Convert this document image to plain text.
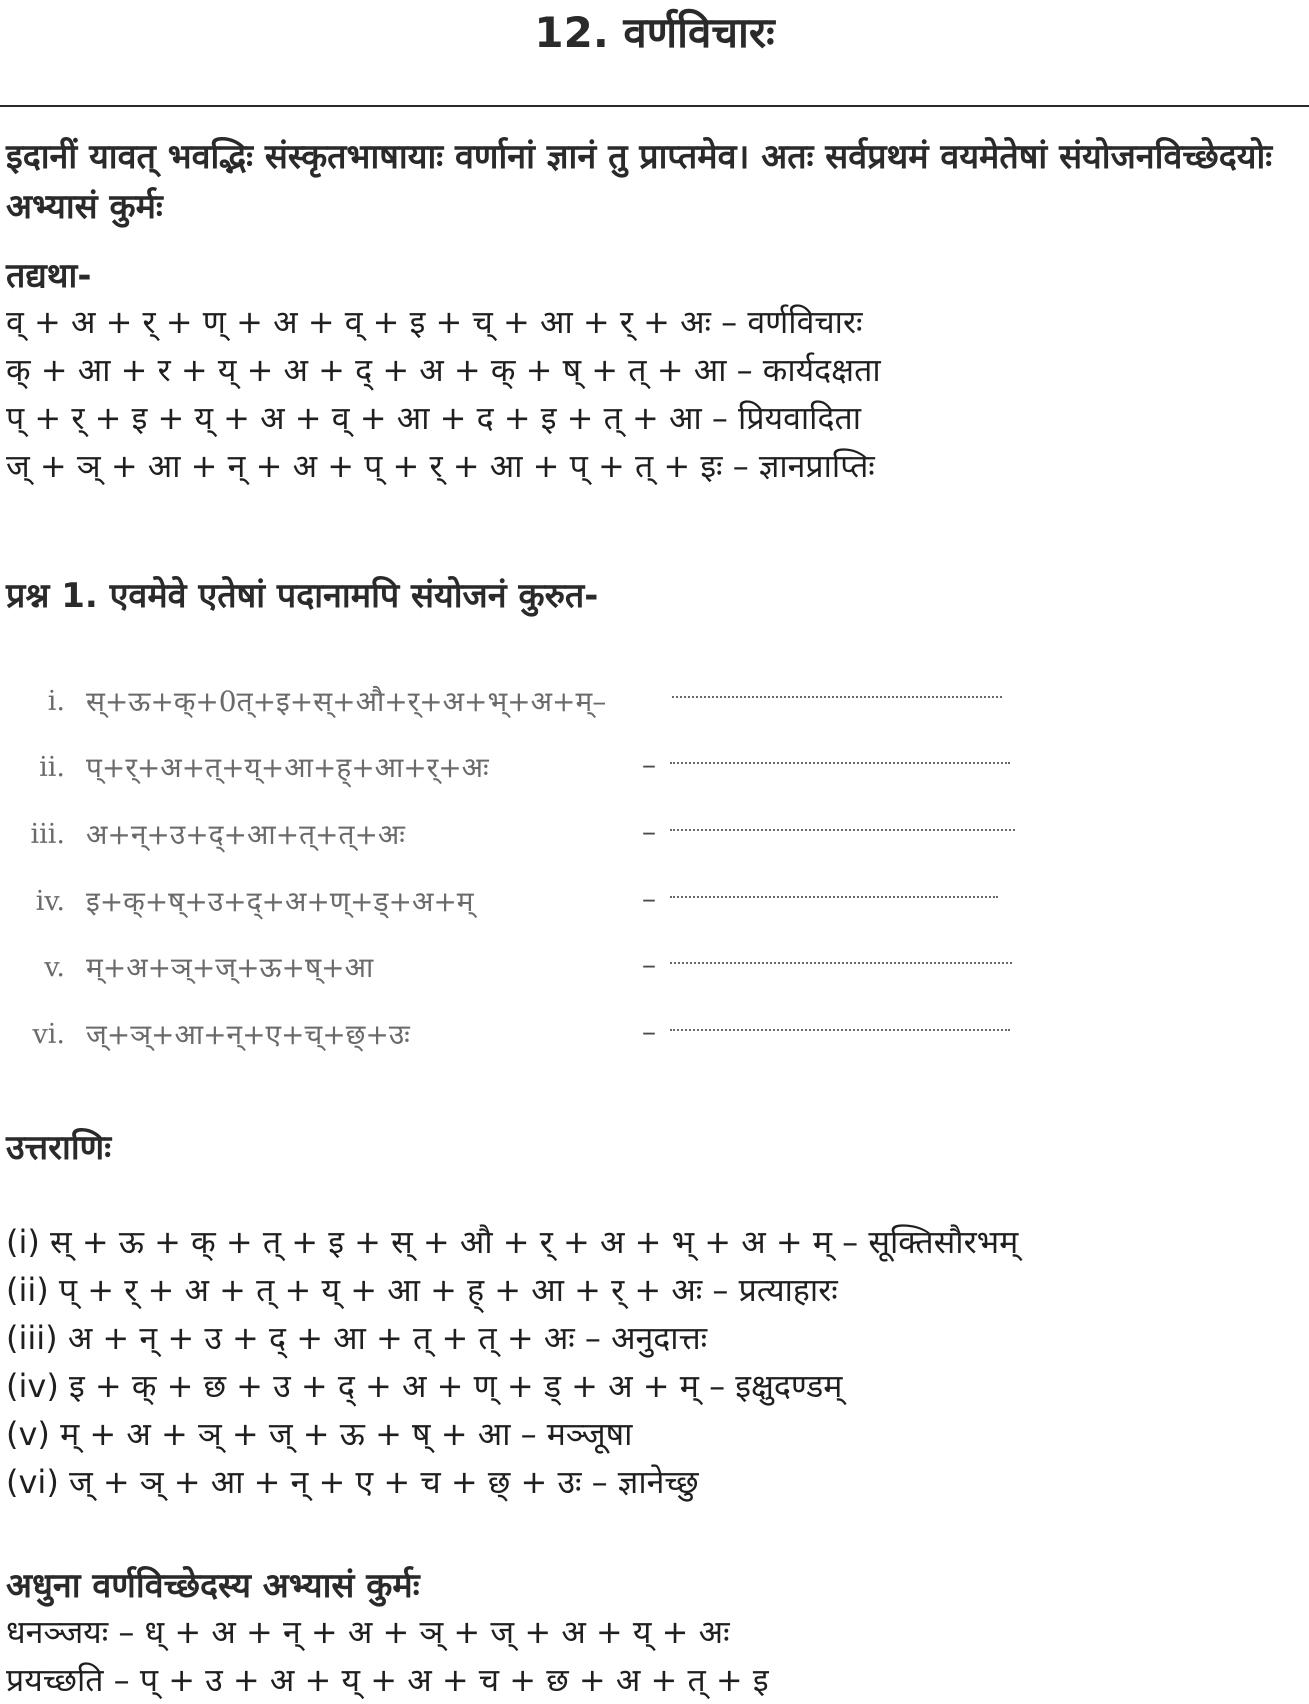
12. वर्णविचारः
इदानीं यावत् भवद्भिः संस्कृतभाषायाः वर्णानां ज्ञानं तु प्राप्तमेव। अतः सर्वप्रथमं वयमेतेषां संयोजनविच्छेदयोः अभ्यासं कुर्मः
तद्यथा-
व् + अ + र् + ण् + अ + व् + इ + च् + आ + र् + अः – वर्णविचारः
क् + आ + र + य् + अ + द् + अ + क् + ष् + त् + आ – कार्यदक्षता
प् + र् + इ + य् + अ + व् + आ + द + इ + त् + आ – प्रियवादिता
ज् + ञ् + आ + न् + अ + प् + र् + आ + प् + त् + इः – ज्ञानप्राप्तिः
प्रश्न 1. एवमेवे एतेषां पदानामपि संयोजनं कुरुत-
i. स्+ऊ+क्+0त्+इ+स्+औ+र्+अ+भ्+अ+म्–
ii. प्+र्+अ+त्+य्+आ+ह्+आ+र्+अः	–
iii. अ+न्+उ+द्+आ+त्+त्+अः	–
iv. इ+क्+ष्+उ+द्+अ+ण्+ड्+अ+म्	–
v. म्+अ+ञ्+ज्+ऊ+ष्+आ	–
vi. ज्+ञ्+आ+न्+ए+च्+छ्+उः	–
उत्तराणिः
(i) स् + ऊ + क् + त् + इ + स् + औ + र् + अ + भ् + अ + म् – सूक्तिसौरभम्
(ii) प् + र् + अ + त् + य् + आ + ह् + आ + र् + अः – प्रत्याहारः
(iii) अ + न् + उ + द् + आ + त् + त् + अः – अनुदात्तः
(iv) इ + क् + छ + उ + द् + अ + ण् + ड् + अ + म् – इक्षुदण्डम्
(v) म् + अ + ञ् + ज् + ऊ + ष् + आ – मञ्जूषा
(vi) ज् + ञ् + आ + न् + ए + च + छ् + उः – ज्ञानेच्छु
अधुना वर्णविच्छेदस्य अभ्यासं कुर्मः
धनञ्जयः – ध् + अ + न् + अ + ञ् + ज् + अ + य् + अः
प्रयच्छति – प् + उ + अ + य् + अ + च + छ + अ + त् + इ
